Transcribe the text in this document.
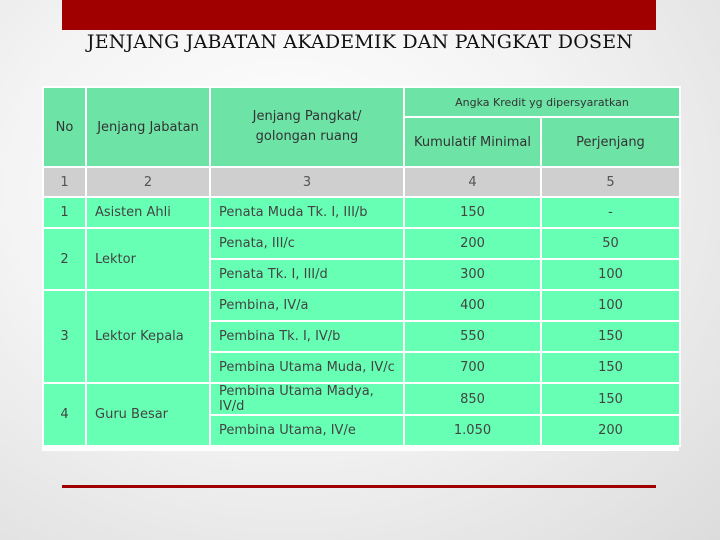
JENJANG JABATAN AKADEMIK DAN PANGKAT DOSEN
No	Jenjang Jabatan	Jenjang Pangkat/ golongan ruang	Angka Kredit yg dipersyaratkan	
			Kumulatif Minimal	Perjenjang
1	2	3	4	5
1	Asisten Ahli	Penata Muda Tk. I, III/b	150	-
2	Lektor	Penata, III/c	200	50
		Penata Tk. I, III/d	300	100
3	Lektor Kepala	Pembina, IV/a	400	100
		Pembina Tk. I, IV/b	550	150
		Pembina Utama Muda, IV/c	700	150
4	Guru Besar	Pembina Utama Madya, IV/d	850	150
		Pembina Utama, IV/e	1.050	200
